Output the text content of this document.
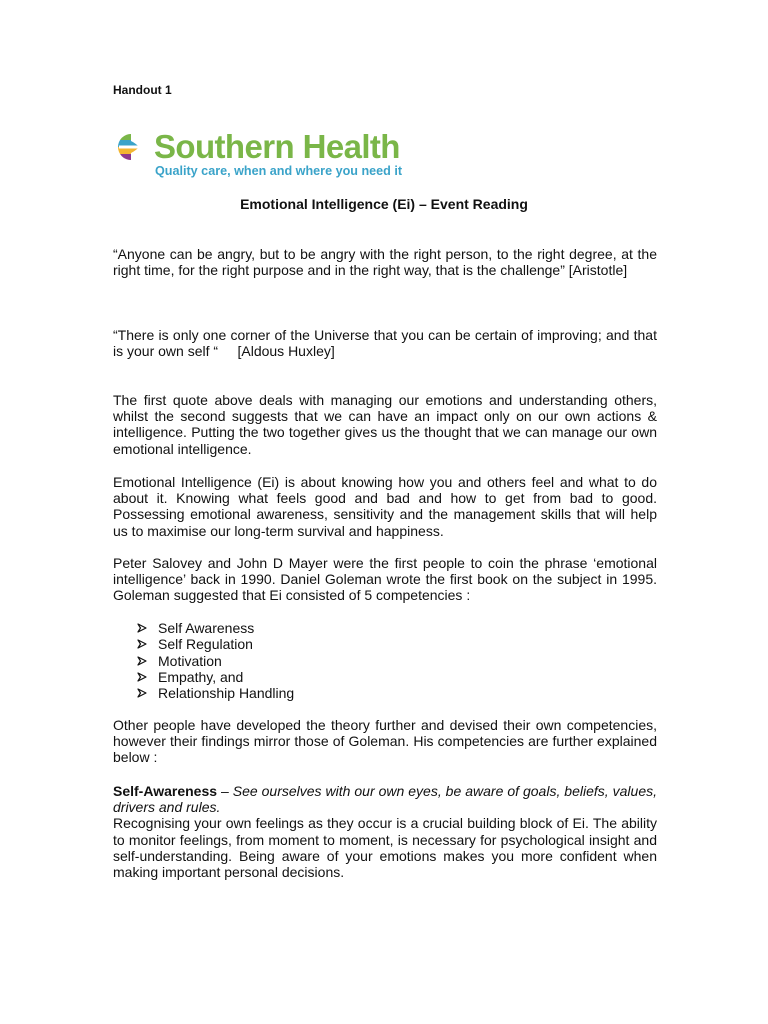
Handout 1
Southern Health
Quality care, when and where you need it
Emotional Intelligence (Ei) – Event Reading
“Anyone can be angry, but to be angry with the right person, to the right degree, at the right time, for the right purpose and in the right way, that is the challenge” [Aristotle]
“There is only one corner of the Universe that you can be certain of improving; and that is your own self “     [Aldous Huxley]
The first quote above deals with managing our emotions and understanding others, whilst the second suggests that we can have an impact only on our own actions & intelligence. Putting the two together gives us the thought that we can manage our own emotional intelligence.
Emotional Intelligence (Ei) is about knowing how you and others feel and what to do about it. Knowing what feels good and bad and how to get from bad to good. Possessing emotional awareness, sensitivity and the management skills that will help us to maximise our long-term survival and happiness.
Peter Salovey and John D Mayer were the first people to coin the phrase ‘emotional intelligence’ back in 1990. Daniel Goleman wrote the first book on the subject in 1995. Goleman suggested that Ei consisted of 5 competencies :
Self Awareness
Self Regulation
Motivation
Empathy, and
Relationship Handling
Other people have developed the theory further and devised their own competencies, however their findings mirror those of Goleman. His competencies are further explained below :
Self-Awareness – See ourselves with our own eyes, be aware of goals, beliefs, values, drivers and rules.
Recognising your own feelings as they occur is a crucial building block of Ei. The ability to monitor feelings, from moment to moment, is necessary for psychological insight and self-understanding. Being aware of your emotions makes you more confident when making important personal decisions.
